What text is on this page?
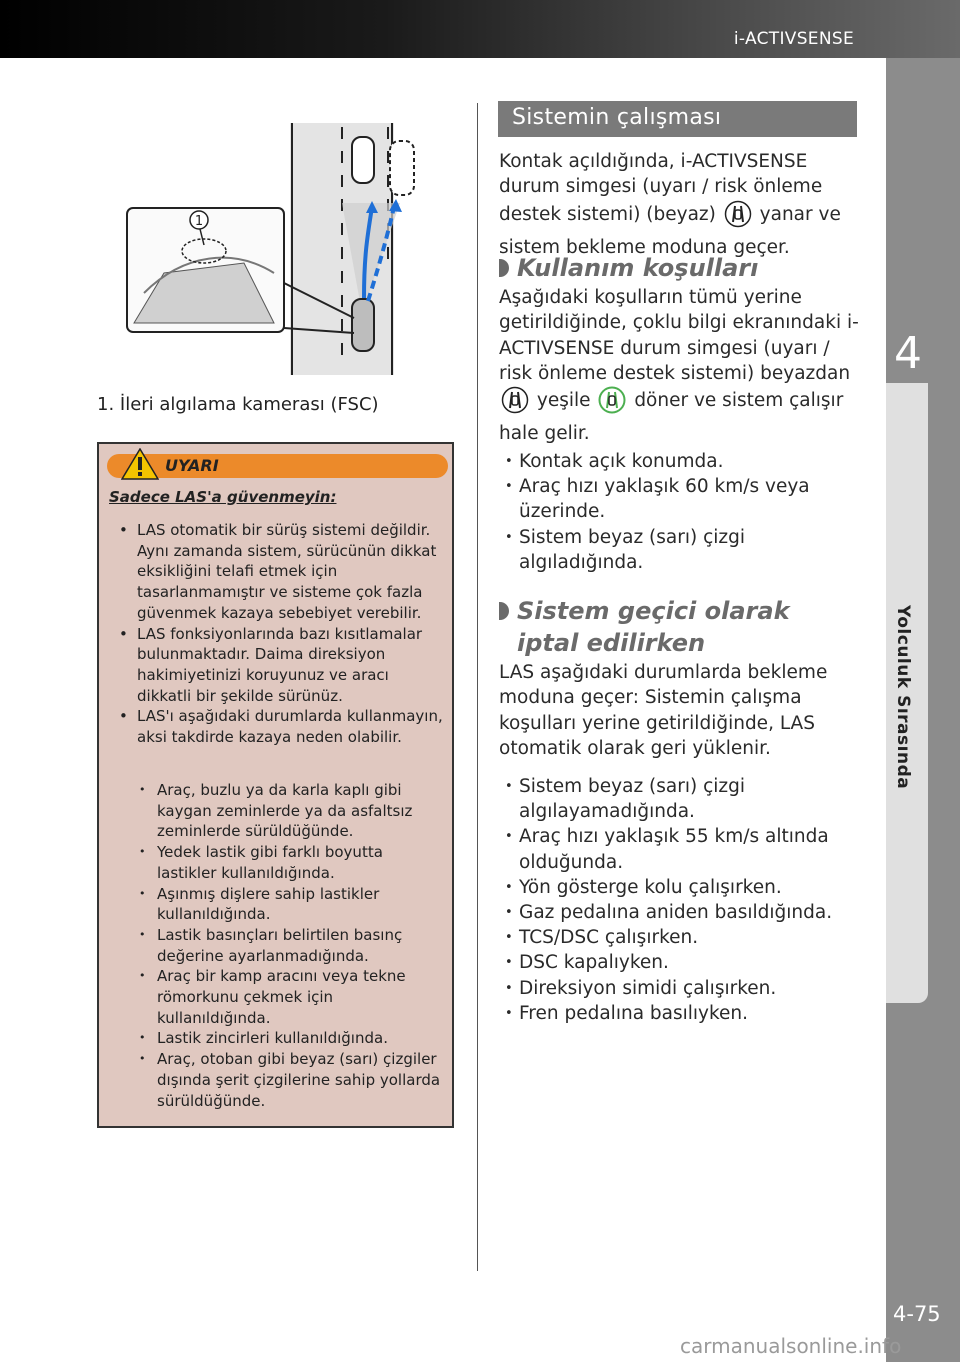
i-ACTIVSENSE
4
Yolculuk Sırasında
4-75
carmanualsonline.info
1
1. İleri algılama kamerası (FSC)
UYARI
Sadece LAS'a güvenmeyin:
• LAS otomatik bir sürüş sistemi değildir. Aynı zamanda sistem, sürücünün dikkat eksikliğini telafi etmek için tasarlanmamıştır ve sisteme çok fazla güvenmek kazaya sebebiyet verebilir.
• LAS fonksiyonlarında bazı kısıtlamalar bulunmaktadır. Daima direksiyon hakimiyetinizi koruyunuz ve aracı dikkatli bir şekilde sürünüz.
• LAS'ı aşağıdaki durumlarda kullanmayın, aksi takdirde kazaya neden olabilir.
• Araç, buzlu ya da karla kaplı gibi kaygan zeminlerde ya da asfaltsız zeminlerde sürüldüğünde.
• Yedek lastik gibi farklı boyutta lastikler kullanıldığında.
• Aşınmış dişlere sahip lastikler kullanıldığında.
• Lastik basınçları belirtilen basınç değerine ayarlanmadığında.
• Araç bir kamp aracını veya tekne römorkunu çekmek için kullanıldığında.
• Lastik zincirleri kullanıldığında.
• Araç, otoban gibi beyaz (sarı) çizgiler dışında şerit çizgilerine sahip yollarda sürüldüğünde.
Sistemin çalışması
Kontak açıldığında, i-ACTIVSENSE durum simgesi (uyarı / risk önleme destek sistemi) (beyaz) yanar ve sistem bekleme moduna geçer.
Kullanım koşulları
Aşağıdaki koşulların tümü yerine getirildiğinde, çoklu bilgi ekranındaki i-ACTIVSENSE durum simgesi (uyarı / risk önleme destek sistemi) beyazdan  yeşile döner ve sistem çalışır hale gelir.
• Kontak açık konumda.
• Araç hızı yaklaşık 60 km/s veya üzerinde.
• Sistem beyaz (sarı) çizgi algıladığında.
Sistem geçici olarak
iptal edilirken
LAS aşağıdaki durumlarda bekleme moduna geçer: Sistemin çalışma koşulları yerine getirildiğinde, LAS otomatik olarak geri yüklenir.
• Sistem beyaz (sarı) çizgi algılayamadığında.
• Araç hızı yaklaşık 55 km/s altında olduğunda.
• Yön gösterge kolu çalışırken.
• Gaz pedalına aniden basıldığında.
• TCS/DSC çalışırken.
• DSC kapalıyken.
• Direksiyon simidi çalışırken.
• Fren pedalına basılıyken.
